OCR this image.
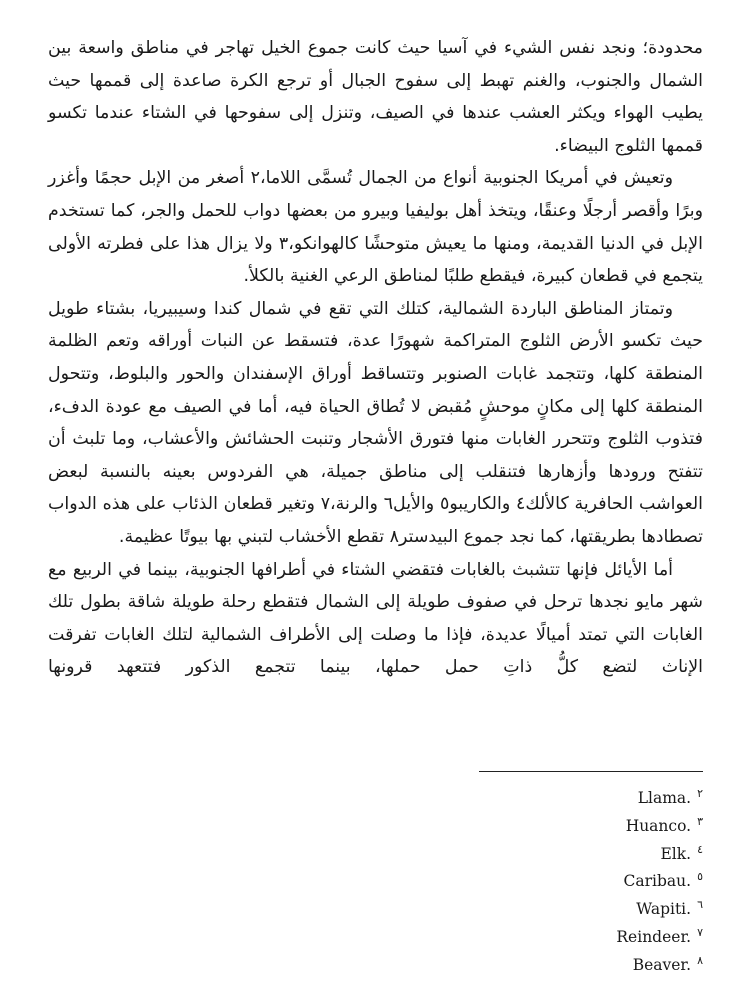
محدودة؛ ونجد نفس الشيء في آسيا حيث كانت جموع الخيل تهاجر في مناطق واسعة بين الشمال والجنوب، والغنم تهبط إلى سفوح الجبال أو ترجع الكرة صاعدة إلى قممها حيث يطيب الهواء ويكثر العشب عندها في الصيف، وتنزل إلى سفوحها في الشتاء عندما تكسو قممها الثلوج البيضاء.

وتعيش في أمريكا الجنوبية أنواع من الجمال تُسمَّى اللاما،٢ أصغر من الإبل حجمًا وأغزر وبرًا وأقصر أرجلًا وعنقًا، ويتخذ أهل بوليفيا وبيرو من بعضها دواب للحمل والجر، كما تستخدم الإبل في الدنيا القديمة، ومنها ما يعيش متوحشًا كالهوانكو،٣ ولا يزال هذا على فطرته الأولى يتجمع في قطعان كبيرة، فيقطع طلبًا لمناطق الرعي الغنية بالكلأ.

وتمتاز المناطق الباردة الشمالية، كتلك التي تقع في شمال كندا وسيبيريا، بشتاء طويل حيث تكسو الأرض الثلوج المتراكمة شهورًا عدة، فتسقط عن النبات أوراقه وتعم الظلمة المنطقة كلها، وتتجمد غابات الصنوبر وتتساقط أوراق الإسفندان والحور والبلوط، وتتحول المنطقة كلها إلى مكانٍ موحشٍ مُقبض لا تُطاق الحياة فيه، أما في الصيف مع عودة الدفء، فتذوب الثلوج وتتحرر الغابات منها فتورق الأشجار وتنبت الحشائش والأعشاب، وما تلبث أن تتفتح ورودها وأزهارها فتنقلب إلى مناطق جميلة، هي الفردوس بعينه بالنسبة لبعض العواشب الحافرية كالألك٤ والكاريبو٥ والأيل٦ والرنة،٧ وتغير قطعان الذئاب على هذه الدواب تصطادها بطريقتها، كما نجد جموع البيدستر٨ تقطع الأخشاب لتبني بها بيوتًا عظيمة.

أما الأيائل فإنها تتشبث بالغابات فتقضي الشتاء في أطرافها الجنوبية، بينما في الربيع مع شهر مايو نجدها ترحل في صفوف طويلة إلى الشمال فتقطع رحلة طويلة شاقة بطول تلك الغابات التي تمتد أميالًا عديدة، فإذا ما وصلت إلى الأطراف الشمالية لتلك الغابات تفرقت الإناث لتضع كلُّ ذاتِ حمل حملها، بينما تتجمع الذكور فتتعهد قرونها

$^٢$Llama.
$^٣$Huanco.
$^٤$Elk.
$^٥$Caribau.
$^٦$Wapiti.
$^٧$Reindeer.
$^٨$Beaver.
